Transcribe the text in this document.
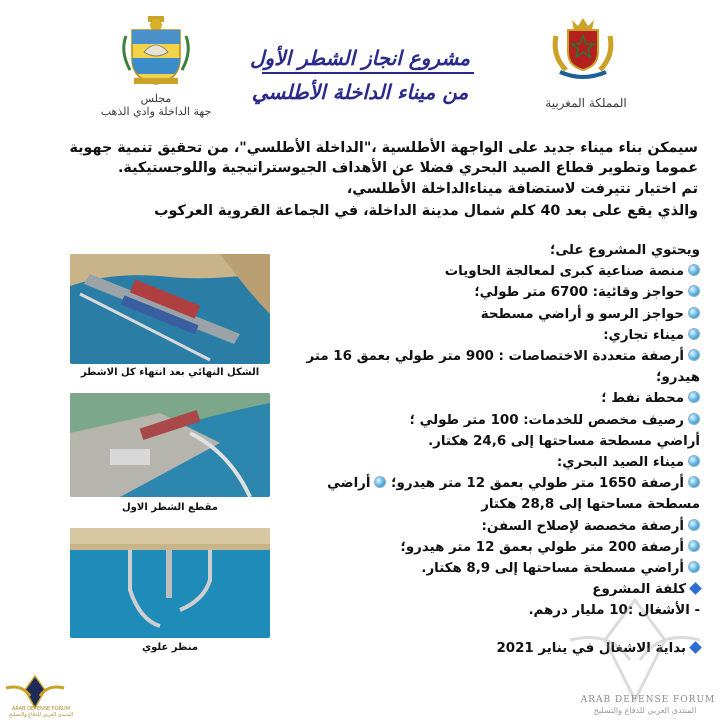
مجلس
جهة الداخلة وادي الذهب
المملكة المغربية
مشروع انجاز الشطر الأول
من ميناء الداخلة الأطلسي
سيمكن بناء ميناء جديد على الواجهة الأطلسية ،"الداخلة الأطلسي"، من تحقيق تنمية جهوية
عموما وتطوير قطاع الصيد البحري فضلا عن الأهداف الجيوستراتيجية واللوجستيكية.
تم اختيار نتيرفت لاستضافة ميناءالداخلة الأطلسي،
والذي يقع على بعد 40 كلم شمال مدينة الداخلة، في الجماعة القروية العركوب
الشكل النهائي بعد انتهاء كل الاشطر
مقطع الشطر الاول
منظر علوي
ويحتوي المشروع على؛
منصة صناعية كبرى لمعالجة الحاويات
حواجز وقائية: 6700 متر طولي؛
حواجز الرسو و أراضي مسطحة
ميناء تجاري:
أرصفة متعددة الاختصاصات : 900 متر طولي بعمق 16 متر
هيدرو؛
محطة نفط ؛
رصيف مخصص للخدمات: 100 متر طولي ؛
أراضي مسطحة مساحتها إلى 24,6 هكتار.
ميناء الصيد البحري:
أرصفة 1650 متر طولي بعمق 12 متر هيدرو؛ أراضي
مسطحة مساحتها إلى 28,8 هكتار
أرصفة مخصصة لإصلاح السفن:
أرصفة 200 متر طولي بعمق 12 متر هيدرو؛
أراضي مسطحة مساحتها إلى 8,9 هكتار.
كلفة المشروع
- الأشغال :10 مليار درهم.
بداية الاشغال في يناير 2021
ARAB DEFENSE FORUM
المنتدى العربي للدفاع والتسليح
ARAB DEFENSE FORUM
المنتدى العربي للدفاع والتسليح
